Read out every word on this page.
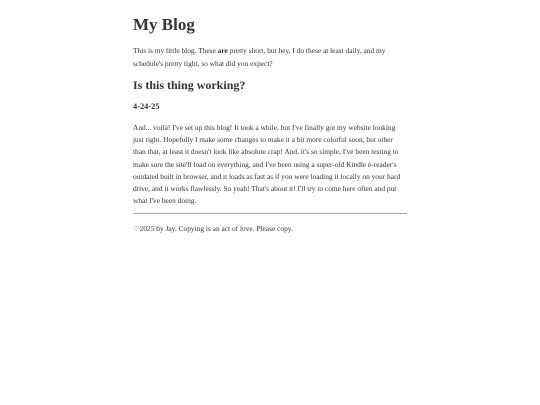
My Blog

This is my little blog. These are pretty short, but hey, I do these at least daily, and my schedule's pretty tight, so what did you expect?

Is this thing working?
4-24-25

And... voilà! I've set up this blog! It took a while, but I've finally got my website looking just right. Hopefully I make some changes to make it a bit more colorful soon, but other than that, at least it doesn't look like absolute crap! And, it's so simple, I've been testing to make sure the site'll load on everything, and I've been using a super-old Kindle e-reader's outdated built in browser, and it loads as fast as if you were loading it locally on your hard drive, and it works flawlessly. So yeah! That's about it! I'll try to come here often and put what I've been doing.

♡2025 by Jay. Copying is an act of love. Please copy.
